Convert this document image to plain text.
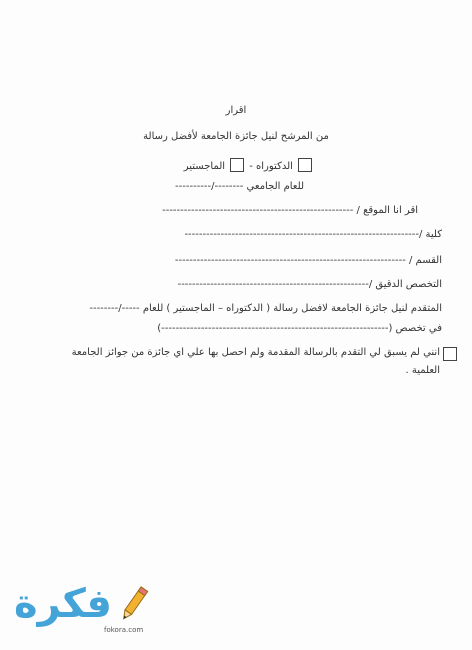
اقرار
من المرشح لنيل جائزة الجامعة لأفضل رسالة
الدكتوراه -  الماجستير
للعام الجامعي --------/----------
اقر انا الموقع / -----------------------------------------------------
كلية /-----------------------------------------------------------------
القسم / ----------------------------------------------------------------
التخصص الدقيق /-----------------------------------------------------
المتقدم لنيل جائزة الجامعة لافضل رسالة ( الدكتوراه – الماجستير ) للعام -----/--------
في تخصص (---------------------------------------------------------------)
انني لم يسبق لي التقدم بالرسالة المقدمة ولم احصل بها علي اي جائزة من جوائز الجامعة
العلمية .
فكرة
fokora.com
